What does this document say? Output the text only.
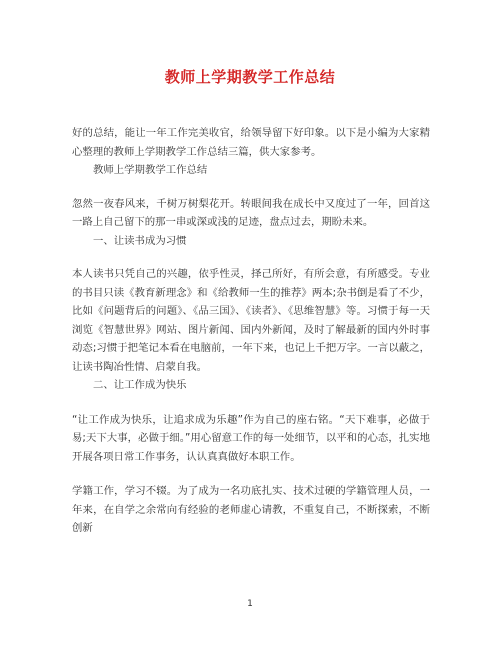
教师上学期教学工作总结

好的总结，能让一年工作完美收官，给领导留下好印象。以下是小编为大家精心整理的教师上学期教学工作总结三篇，供大家参考。

教师上学期教学工作总结

忽然一夜春风来，千树万树梨花开。转眼间我在成长中又度过了一年，回首这一路上自己留下的那一串或深或浅的足迹，盘点过去，期盼未来。

一、让读书成为习惯

本人读书只凭自己的兴趣，依乎性灵，择己所好，有所会意，有所感受。专业的书目只读《教育新理念》和《给教师一生的推荐》两本;杂书倒是看了不少，比如《问题背后的问题》、《品三国》、《读者》、《思维智慧》等。习惯于每一天浏览《智慧世界》网站、图片新闻、国内外新闻，及时了解最新的国内外时事动态;习惯于把笔记本看在电脑前，一年下来，也记上千把万字。一言以蔽之，让读书陶冶性情、启蒙自我。

二、让工作成为快乐

“让工作成为快乐，让追求成为乐趣”作为自己的座右铭。“天下难事，必做于易;天下大事，必做于细。”用心留意工作的每一处细节，以平和的心态，扎实地开展各项日常工作事务，认认真真做好本职工作。

学籍工作，学习不辍。为了成为一名功底扎实、技术过硬的学籍管理人员，一年来，在自学之余常向有经验的老师虚心请教，不重复自己，不断探索，不断创新

1
